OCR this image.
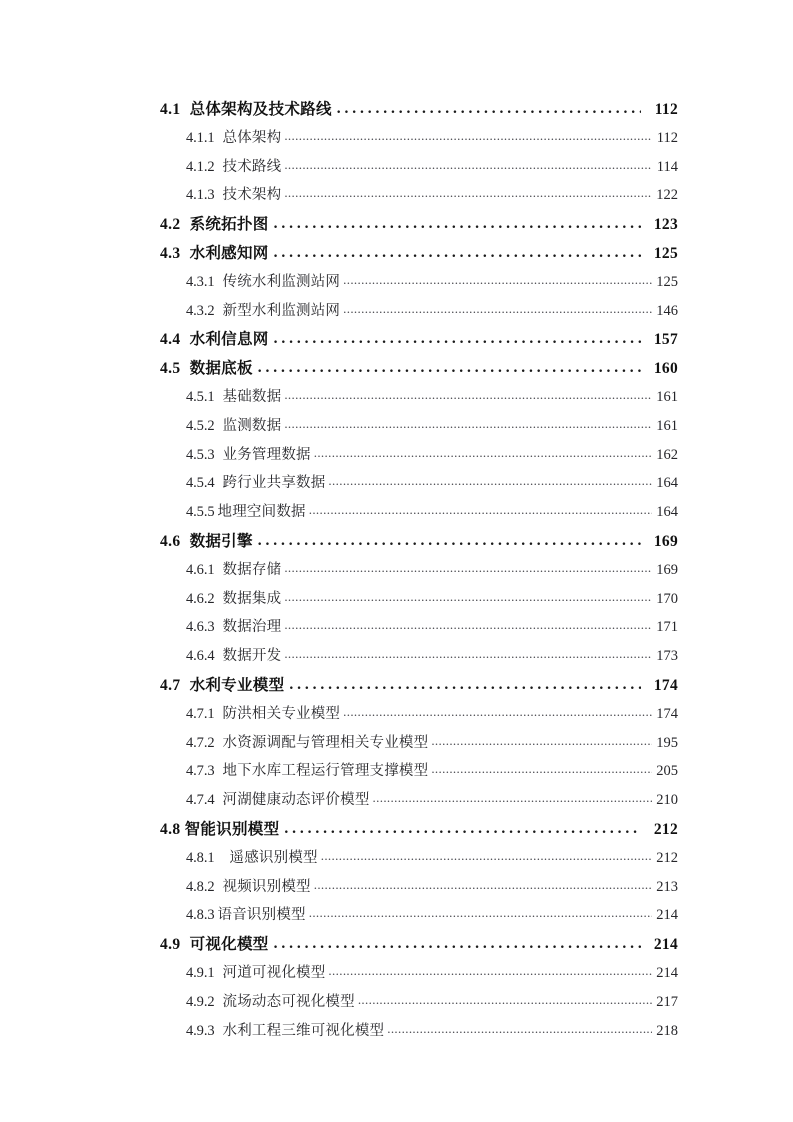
4.1 总体架构及技术路线 . . .	112
4.1.1 总体架构 .....	112
4.1.2 技术路线 .....	114
4.1.3 技术架构 .....	122
4.2 系统拓扑图 . . .	123
4.3 水利感知网 . . .	125
4.3.1 传统水利监测站网 .....	125
4.3.2 新型水利监测站网 .....	146
4.4 水利信息网 . . .	157
4.5 数据底板 . . .	160
4.5.1 基础数据 .....	161
4.5.2 监测数据 .....	161
4.5.3 业务管理数据 .....	162
4.5.4 跨行业共享数据 .....	164
4.5.5 地理空间数据 .....	164
4.6 数据引擎 . . .	169
4.6.1 数据存储 .....	169
4.6.2 数据集成 .....	170
4.6.3 数据治理 .....	171
4.6.4 数据开发 .....	173
4.7 水利专业模型 . . .	174
4.7.1 防洪相关专业模型 .....	174
4.7.2 水资源调配与管理相关专业模型 .....	195
4.7.3 地下水库工程运行管理支撑模型 .....	205
4.7.4 河湖健康动态评价模型 .....	210
4.8 智能识别模型 . . .	212
4.8.1 遥感识别模型 .....	212
4.8.2 视频识别模型 .....	213
4.8.3 语音识别模型 .....	214
4.9 可视化模型 . . .	214
4.9.1 河道可视化模型 .....	214
4.9.2 流场动态可视化模型 .....	217
4.9.3 水利工程三维可视化模型 .....	218
